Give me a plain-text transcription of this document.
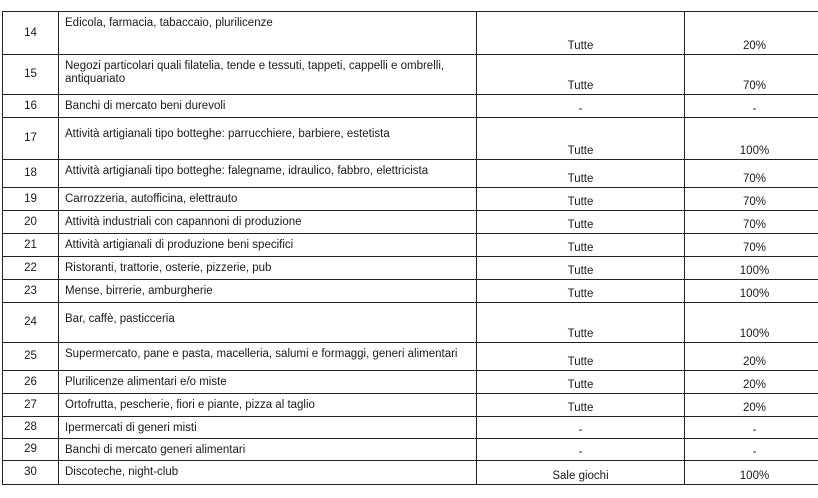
14	Edicola, farmacia, tabaccaio, plurilicenze	Tutte	20%
15	Negozi particolari quali filatelia, tende e tessuti, tappeti, cappelli e ombrelli, antiquariato	Tutte	70%
16	Banchi di mercato beni durevoli	-	-
17	Attività artigianali tipo botteghe: parrucchiere, barbiere, estetista	Tutte	100%
18	Attività artigianali tipo botteghe: falegname, idraulico, fabbro, elettricista	Tutte	70%
19	Carrozzeria, autofficina, elettrauto	Tutte	70%
20	Attività industriali con capannoni di produzione	Tutte	70%
21	Attività artigianali di produzione beni specifici	Tutte	70%
22	Ristoranti, trattorie, osterie, pizzerie, pub	Tutte	100%
23	Mense, birrerie, amburgherie	Tutte	100%
24	Bar, caffè, pasticceria	Tutte	100%
25	Supermercato, pane e pasta, macelleria, salumi e formaggi, generi alimentari	Tutte	20%
26	Plurilicenze alimentari e/o miste	Tutte	20%
27	Ortofrutta, pescherie, fiori e piante, pizza al taglio	Tutte	20%
28	Ipermercati di generi misti	-	-
29	Banchi di mercato generi alimentari	-	-
30	Discoteche, night-club	Sale giochi	100%
